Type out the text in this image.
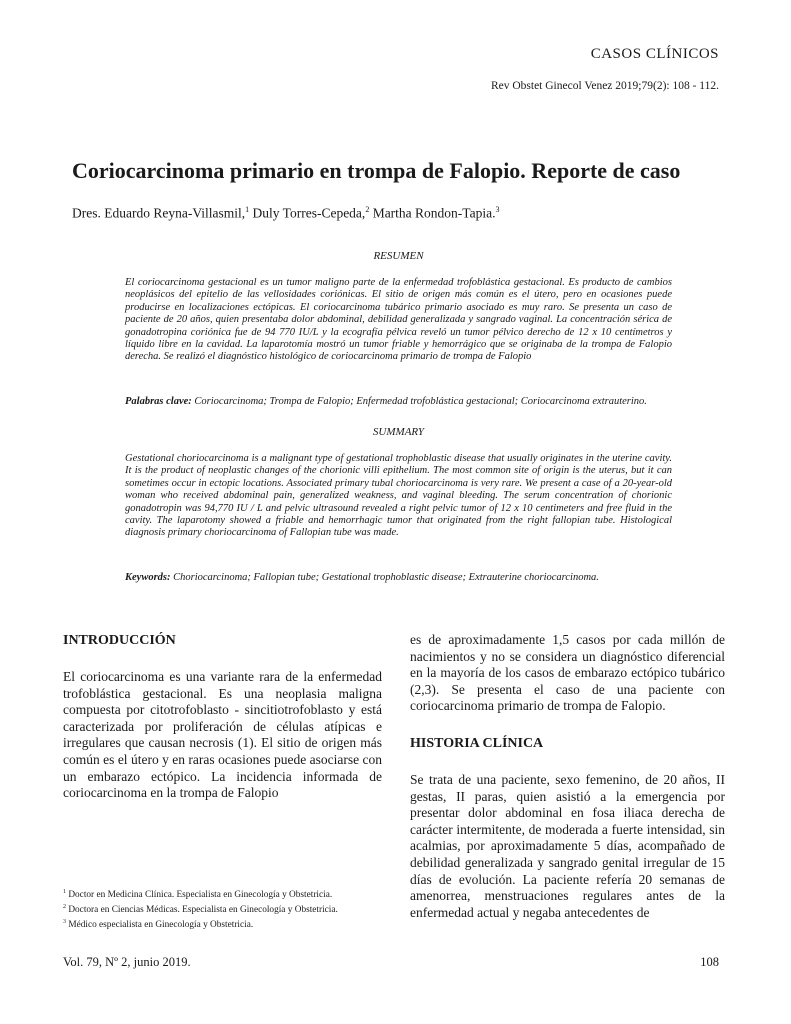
CASOS CLÍNICOS
Rev Obstet Ginecol Venez 2019;79(2): 108 - 112.
Coriocarcinoma primario en trompa de Falopio. Reporte de caso
Dres. Eduardo Reyna-Villasmil,$^1$ Duly Torres-Cepeda,$^2$ Martha Rondon-Tapia.$^3$
RESUMEN

El coriocarcinoma gestacional es un tumor maligno parte de la enfermedad trofoblástica gestacional. Es producto de cambios neoplásicos del epitelio de las vellosidades coriónicas. El sitio de origen más común es el útero, pero en ocasiones puede producirse en localizaciones ectópicas. El coriocarcinoma tubárico primario asociado es muy raro. Se presenta un caso de paciente de 20 años, quien presentaba dolor abdominal, debilidad generalizada y sangrado vaginal. La concentración sérica de gonadotropina coriónica fue de 94 770 IU/L y la ecografía pélvica reveló un tumor pélvico derecho de 12 x 10 centímetros y líquido libre en la cavidad. La laparotomía mostró un tumor friable y hemorrágico que se originaba de la trompa de Falopio derecha. Se realizó el diagnóstico histológico de coriocarcinoma primario de trompa de Falopio

Palabras clave: Coriocarcinoma; Trompa de Falopio; Enfermedad trofoblástica gestacional; Coriocarcinoma extrauterino.

SUMMARY

Gestational choriocarcinoma is a malignant type of gestational trophoblastic disease that usually originates in the uterine cavity. It is the product of neoplastic changes of the chorionic villi epithelium. The most common site of origin is the uterus, but it can sometimes occur in ectopic locations. Associated primary tubal choriocarcinoma is very rare. We present a case of a 20-year-old woman who received abdominal pain, generalized weakness, and vaginal bleeding. The serum concentration of chorionic gonadotropin was 94,770 IU / L and pelvic ultrasound revealed a right pelvic tumor of 12 x 10 centimeters and free fluid in the cavity. The laparotomy showed a friable and hemorrhagic tumor that originated from the right fallopian tube. Histological diagnosis primary choriocarcinoma of Fallopian tube was made.

Keywords: Choriocarcinoma; Fallopian tube; Gestational trophoblastic disease; Extrauterine choriocarcinoma.

INTRODUCCIÓN

El coriocarcinoma es una variante rara de la enfermedad trofoblástica gestacional. Es una neoplasia maligna compuesta por citotrofoblasto - sincitiotrofoblasto y está caracterizada por proliferación de células atípicas e irregulares que causan necrosis (1). El sitio de origen más común es el útero y en raras ocasiones puede asociarse con un embarazo ectópico. La incidencia informada de coriocarcinoma en la trompa de Falopio

es de aproximadamente 1,5 casos por cada millón de nacimientos y no se considera un diagnóstico diferencial en la mayoría de los casos de embarazo ectópico tubárico (2,3). Se presenta el caso de una paciente con coriocarcinoma primario de trompa de Falopio.

HISTORIA CLÍNICA

Se trata de una paciente, sexo femenino, de 20 años, II gestas, II paras, quien asistió a la emergencia por presentar dolor abdominal en fosa iliaca derecha de carácter intermitente, de moderada a fuerte intensidad, sin acalmias, por aproximadamente 5 días, acompañado de debilidad generalizada y sangrado genital irregular de 15 días de evolución. La paciente refería 20 semanas de amenorrea, menstruaciones regulares antes de la enfermedad actual y negaba antecedentes de

$^1$ Doctor en Medicina Clínica. Especialista en Ginecología y Obstetricia.
$^2$ Doctora en Ciencias Médicas. Especialista en Ginecología y Obstetricia.
$^3$ Médico especialista en Ginecología y Obstetricia.
Vol. 79, Nº 2, junio 2019.	108
